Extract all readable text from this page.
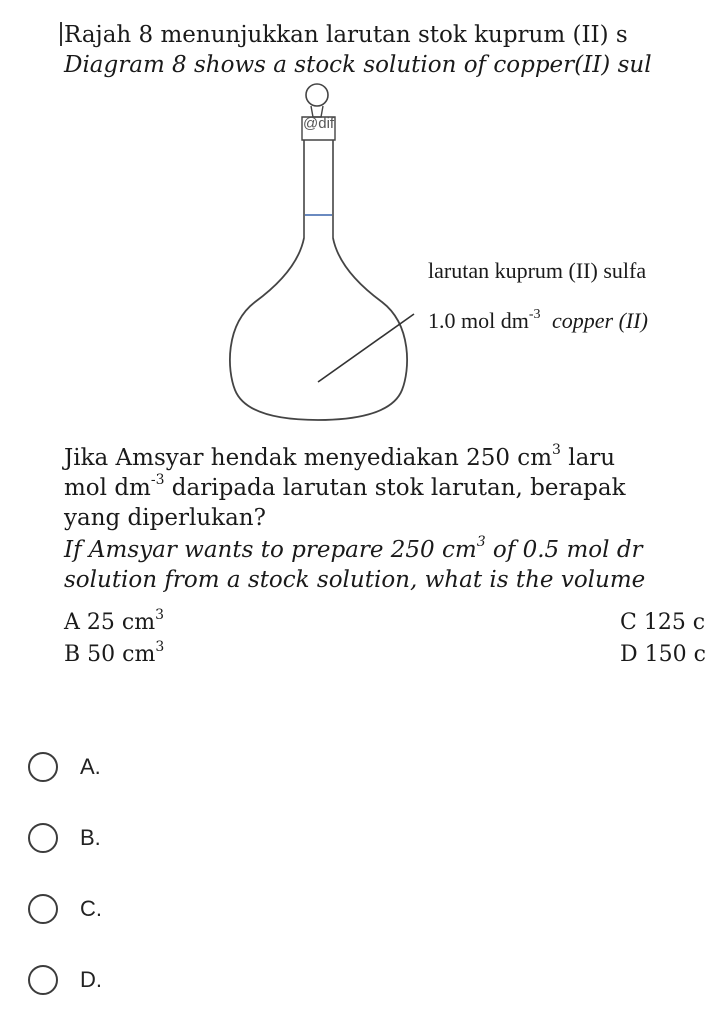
Rajah 8 menunjukkan larutan stok kuprum (II) s
Diagram 8 shows a stock solution of copper(II) sul
@dif
larutan kuprum (II) sulfa
1.0 mol $dm^{-3}$ copper (II)
Jika Amsyar hendak menyediakan 250 $cm^3$ laru
mol $dm^{-3}$ daripada larutan stok larutan, berapak
yang diperlukan?
If Amsyar wants to prepare 250 $cm^3$ of 0.5 mol dr
solution from a stock solution, what is the volume
A 25 $cm^3$
B 50 $cm^3$
C 125 c
D 150 c
A.
B.
C.
D.
